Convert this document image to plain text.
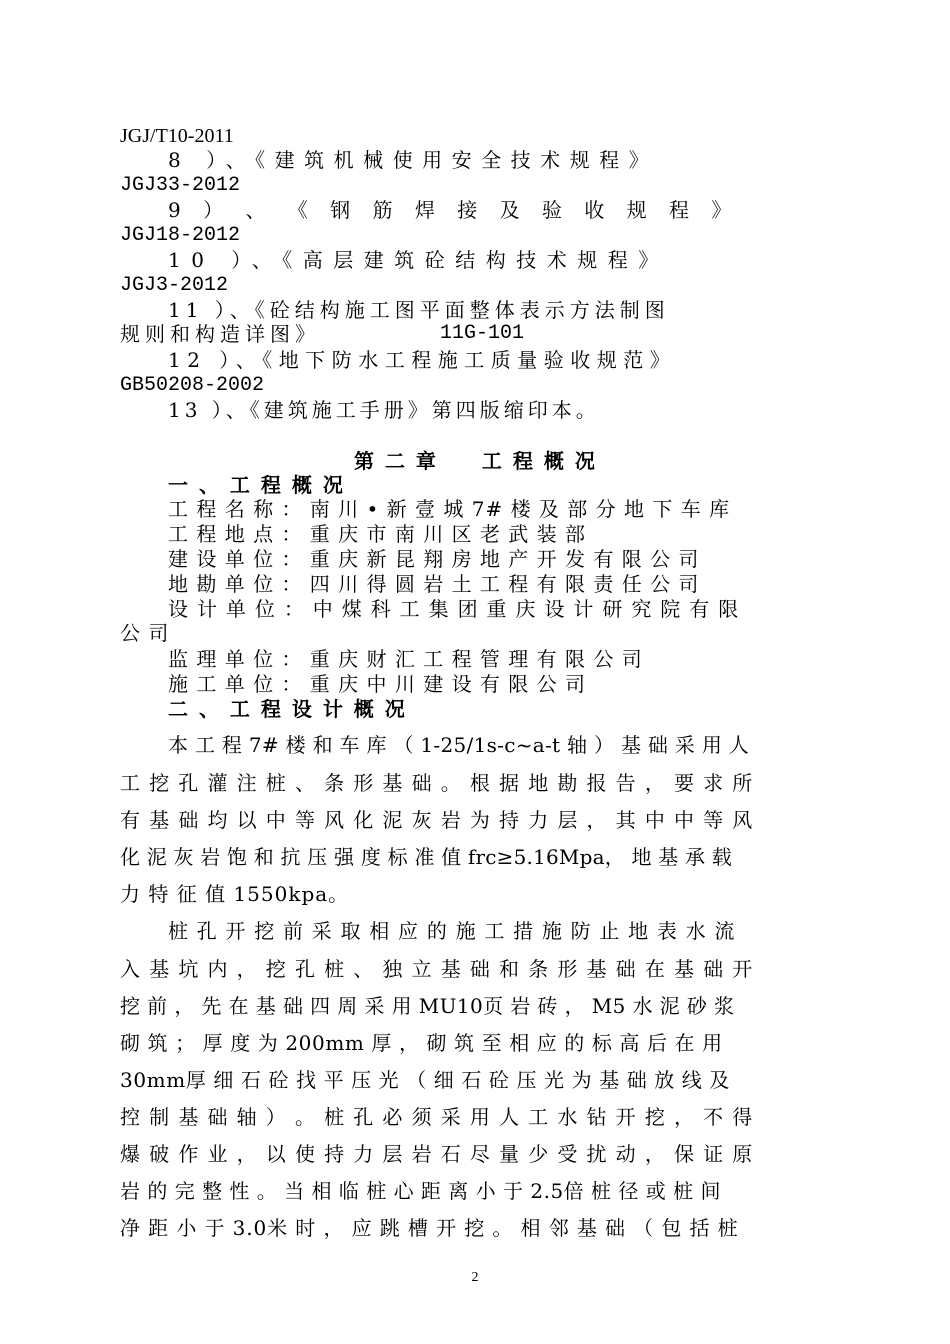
JGJ/T10-2011
8 ）、《建筑机械使用安全技术规程》
JGJ33-2012
9 ） 、 《 钢 筋 焊 接 及 验 收 规 程 》
JGJ18-2012
10 ）、《高层建筑砼结构技术规程》
JGJ3-2012
11 ）、《砼结构施工图平面整体表示方法制图
规则和构造详图》	11G-101
12 ）、《地下防水工程施工质量验收规范》
GB50208-2002
13 ）、《建筑施工手册》第四版缩印本。
第 二 章　　工 程 概 况
一 、 工 程 概 况
工 程 名 称 ： 南 川 • 新 壹 城 7# 楼 及 部 分 地 下 车 库
工 程 地 点 ： 重 庆 市 南 川 区 老 武 装 部
建 设 单 位 ： 重 庆 新 昆 翔 房 地 产 开 发 有 限 公 司
地 勘 单 位 ： 四 川 得 圆 岩 土 工 程 有 限 责 任 公 司
设 计 单 位 ： 中 煤 科 工 集 团 重 庆 设 计 研 究 院 有 限
公 司
监 理 单 位 ： 重 庆 财 汇 工 程 管 理 有 限 公 司
施 工 单 位 ： 重 庆 中 川 建 设 有 限 公 司
二 、 工 程 设 计 概 况
本 工 程 7# 楼 和 车 库 （ 1-25/1s-c~a-t 轴 ） 基 础 采 用 人
工 挖 孔 灌 注 桩 、 条 形 基 础 。 根 据 地 勘 报 告 ， 要 求 所
有 基 础 均 以 中 等 风 化 泥 灰 岩 为 持 力 层 ， 其 中 中 等 风
化 泥 灰 岩 饱 和 抗 压 强 度 标 准 值 frc≥5.16Mpa， 地 基 承 载
力 特 征 值 1550kpa。
桩 孔 开 挖 前 采 取 相 应 的 施 工 措 施 防 止 地 表 水 流
入 基 坑 内 ， 挖 孔 桩 、 独 立 基 础 和 条 形 基 础 在 基 础 开
挖 前 ， 先 在 基 础 四 周 采 用 MU10页 岩 砖 ， M5 水 泥 砂 浆
砌 筑 ； 厚 度 为 200mm 厚 ， 砌 筑 至 相 应 的 标 高 后 在 用
30mm厚 细 石 砼 找 平 压 光 （ 细 石 砼 压 光 为 基 础 放 线 及
控 制 基 础 轴 ） 。 桩 孔 必 须 采 用 人 工 水 钻 开 挖 ， 不 得
爆 破 作 业 ， 以 使 持 力 层 岩 石 尽 量 少 受 扰 动 ， 保 证 原
岩 的 完 整 性 。 当 相 临 桩 心 距 离 小 于 2.5倍 桩 径 或 桩 间
净 距 小 于 3.0米 时 ， 应 跳 槽 开 挖 。 相 邻 基 础 （ 包 括 桩
2
